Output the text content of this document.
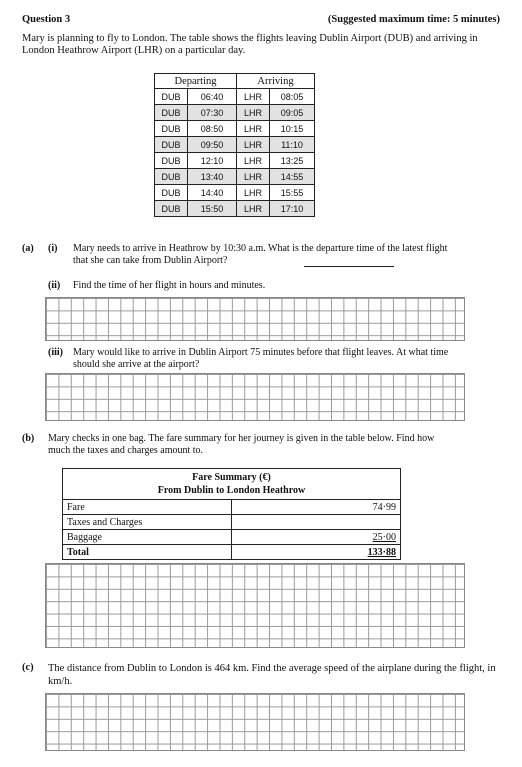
Question 3	(Suggested maximum time: 5 minutes)
Mary is planning to fly to London. The table shows the flights leaving Dublin Airport (DUB) and arriving in London Heathrow Airport (LHR) on a particular day.
Departing		Arriving	
DUB	06:40	LHR	08:05
DUB	07:30	LHR	09:05
DUB	08:50	LHR	10:15
DUB	09:50	LHR	11:10
DUB	12:10	LHR	13:25
DUB	13:40	LHR	14:55
DUB	14:40	LHR	15:55
DUB	15:50	LHR	17:10
(a) (i) Mary needs to arrive in Heathrow by 10:30 a.m. What is the departure time of the latest flight that she can take from Dublin Airport?
(ii) Find the time of her flight in hours and minutes.
(iii) Mary would like to arrive in Dublin Airport 75 minutes before that flight leaves. At what time should she arrive at the airport?
(b) Mary checks in one bag. The fare summary for her journey is given in the table below. Find how much the taxes and charges amount to.
Fare Summary (€)
From Dublin to London Heathrow	

Fare	74·99
Taxes and Charges	
Baggage	25·00
Total	133·88
(c) The distance from Dublin to London is 464 km. Find the average speed of the airplane during the flight, in km/h.
